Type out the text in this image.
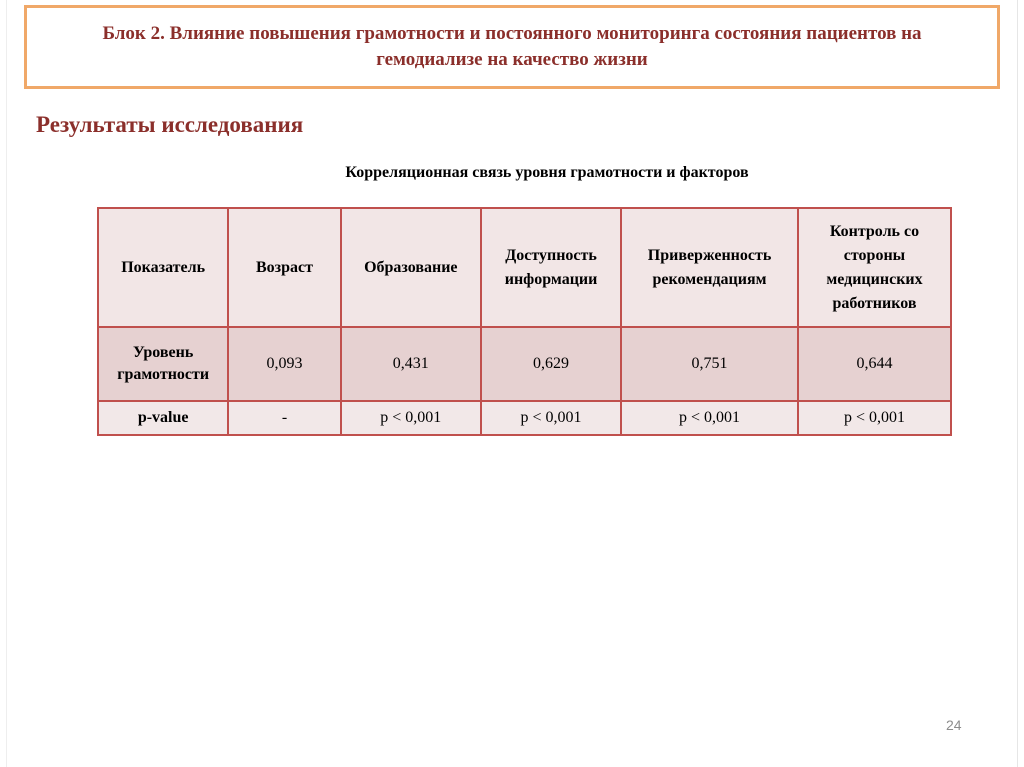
Блок 2. Влияние повышения грамотности и постоянного мониторинга состояния пациентов на гемодиализе на качество жизни
Результаты исследования
Корреляционная связь уровня грамотности и факторов
Показатель	Возраст	Образование	Доступность информации	Приверженность рекомендациям	Контроль со стороны медицинских работников
Уровень грамотности	0,093	0,431	0,629	0,751	0,644
p-value	-	p < 0,001	p < 0,001	p < 0,001	p < 0,001
24
